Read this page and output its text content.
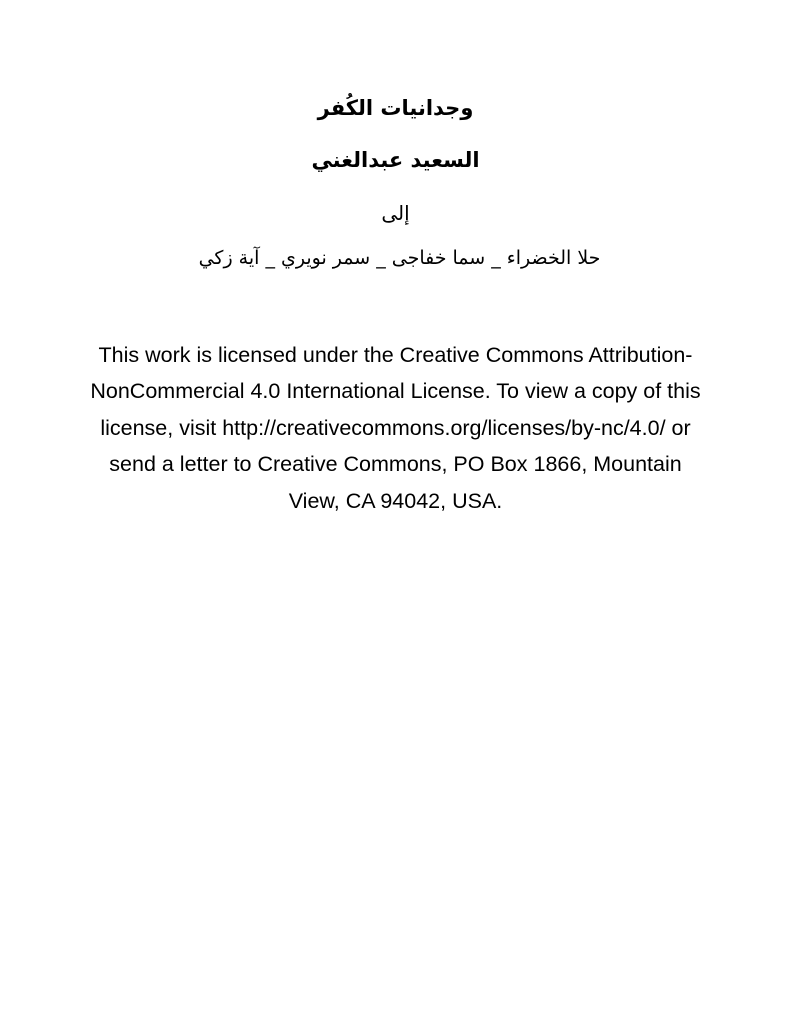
وجدانيات الكُفر
السعيد عبدالغني
إلى
حلا الخضراء _ سما خفاجى _ سمر نويري _ آية زكي

This work is licensed under the Creative Commons Attribution-NonCommercial 4.0 International License. To view a copy of this license, visit http://creativecommons.org/licenses/by-nc/4.0/ or send a letter to Creative Commons, PO Box 1866, Mountain View, CA 94042, USA.
